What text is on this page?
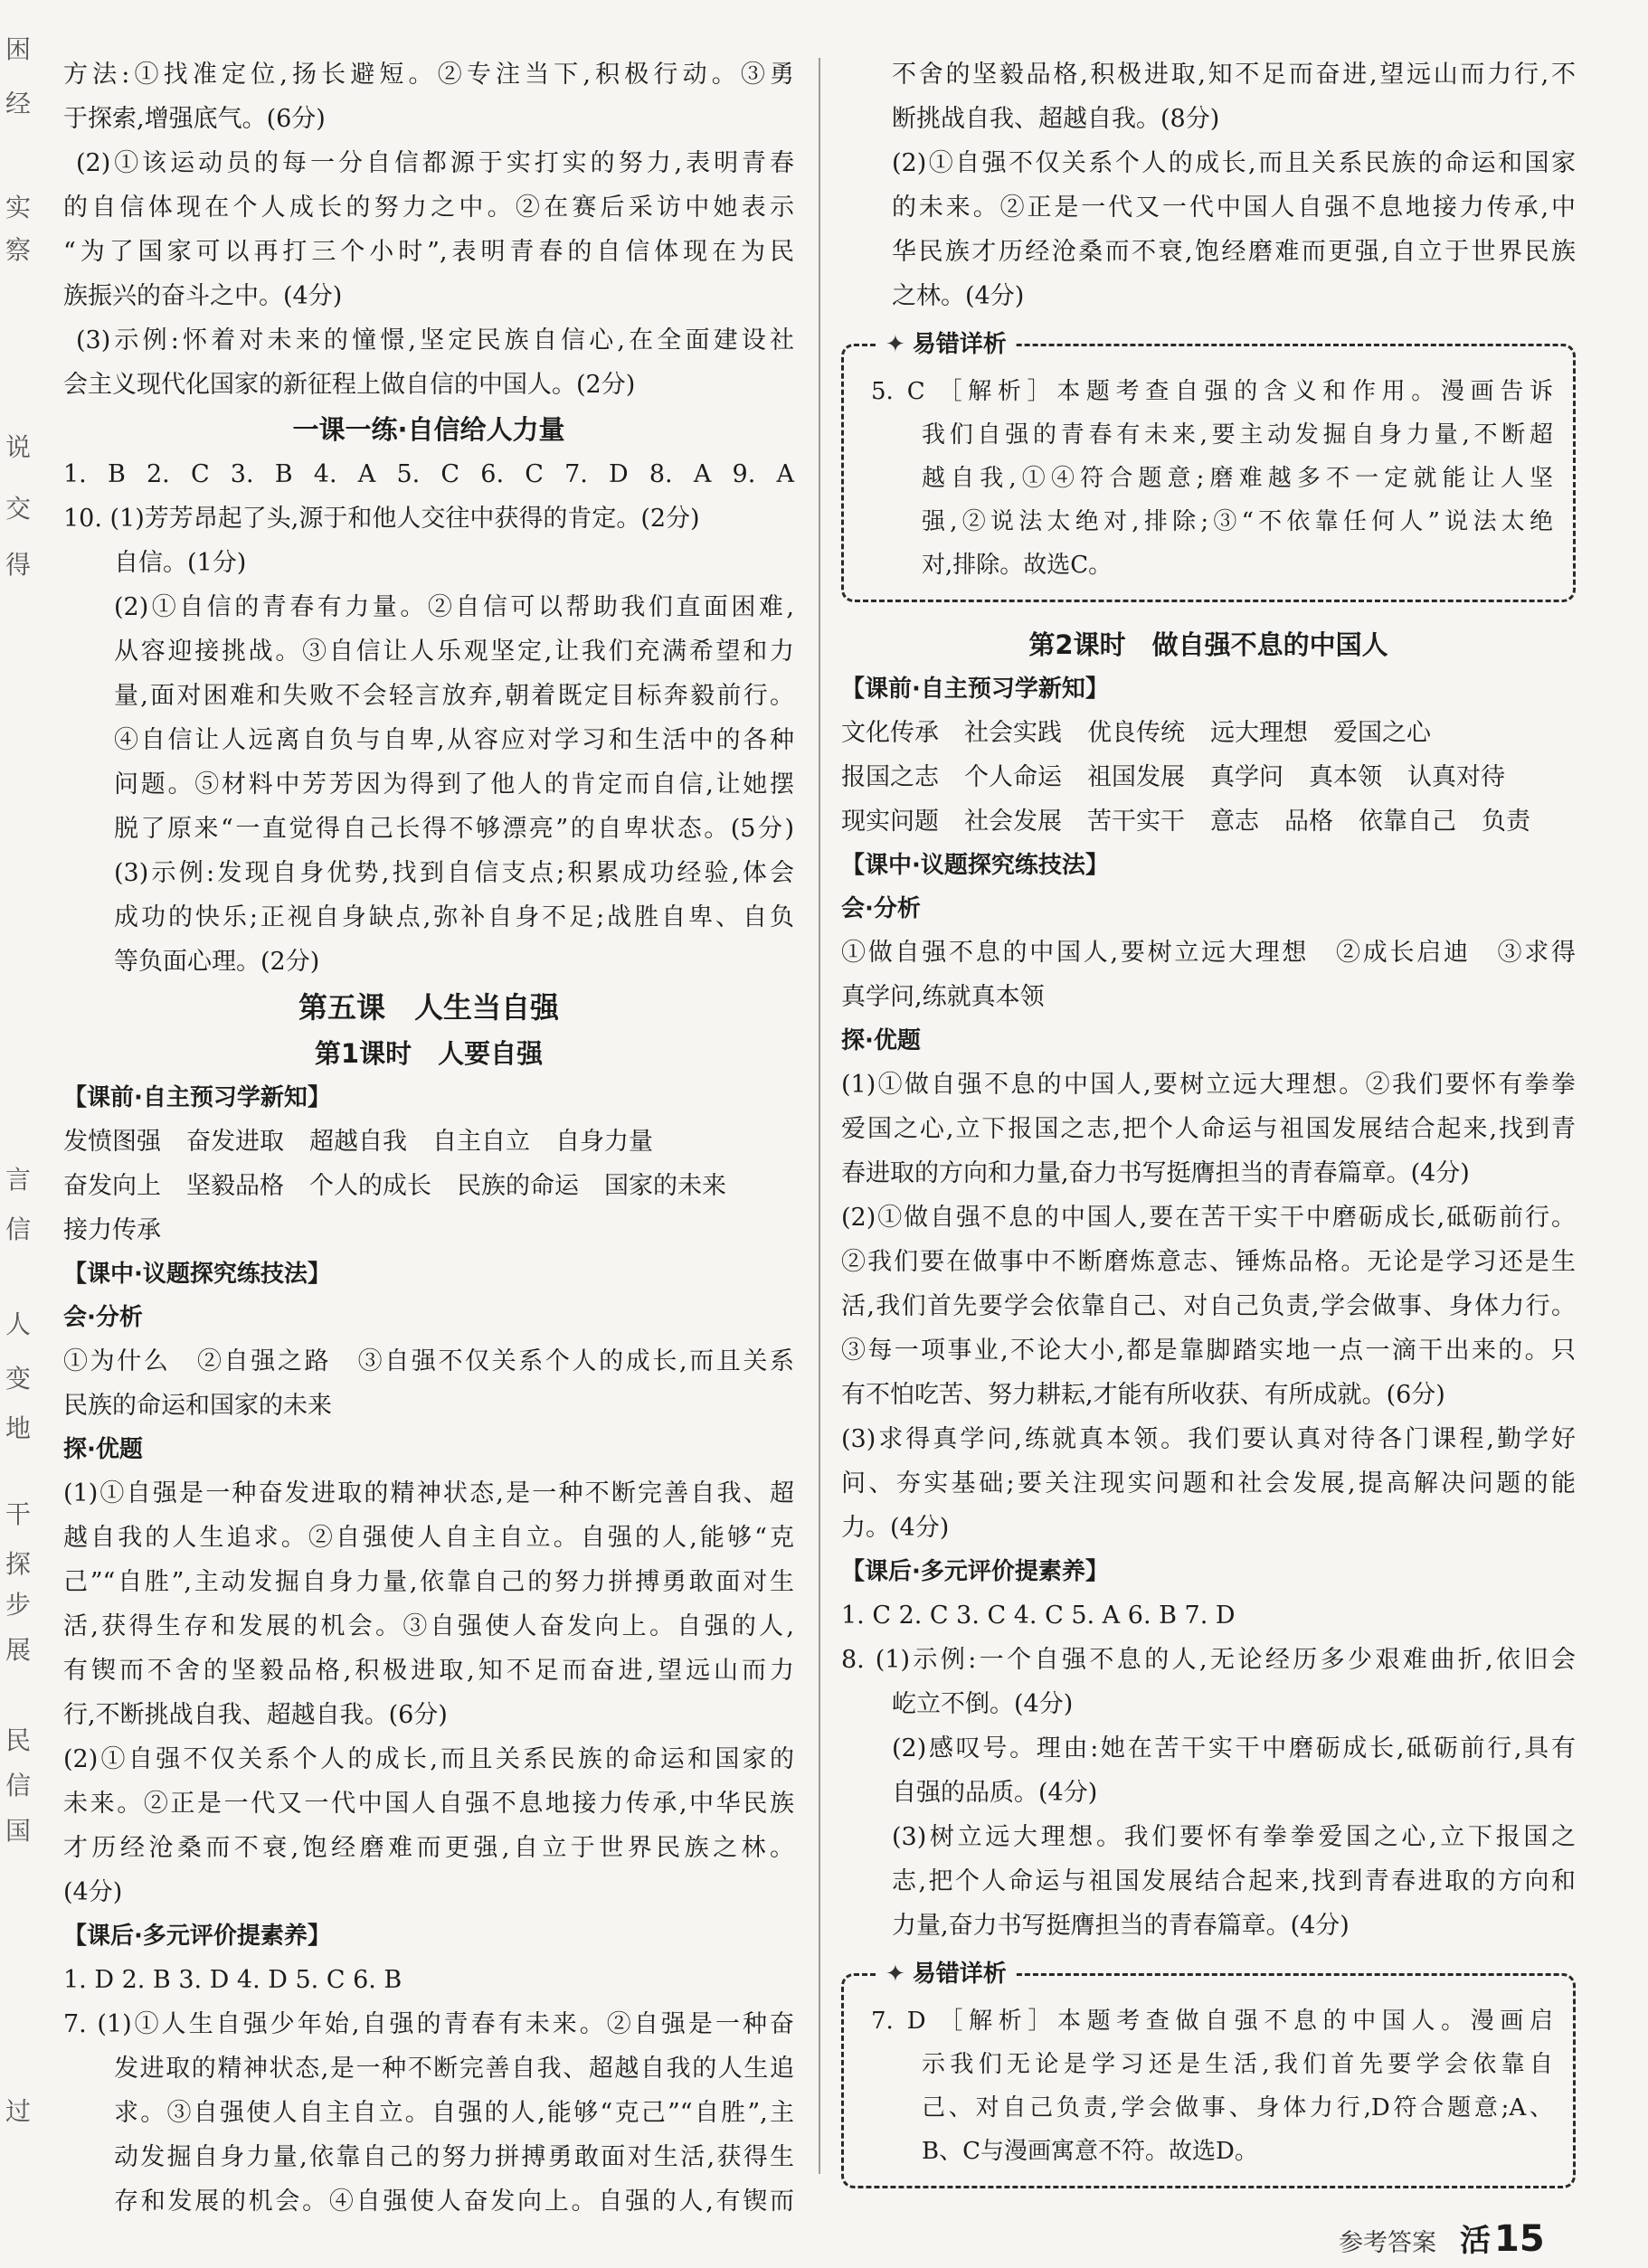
困
经
实
察
说
交
得
言
信
人
变
地
干
探
步
展
民
信
国
过

方法:①找准定位,扬长避短。②专注当下,积极行动。③勇

于探索,增强底气。(6分)

(2)①该运动员的每一分自信都源于实打实的努力,表明青春

的自信体现在个人成长的努力之中。②在赛后采访中她表示

“为了国家可以再打三个小时”,表明青春的自信体现在为民

族振兴的奋斗之中。(4分)

(3)示例:怀着对未来的憧憬,坚定民族自信心,在全面建设社

会主义现代化国家的新征程上做自信的中国人。(2分)

一课一练·自信给人力量

1. B 2. C 3. B 4. A 5. C 6. C 7. D 8. A 9. A

10. (1)芳芳昂起了头,源于和他人交往中获得的肯定。(2分)

自信。(1分)

(2)①自信的青春有力量。②自信可以帮助我们直面困难,

从容迎接挑战。③自信让人乐观坚定,让我们充满希望和力

量,面对困难和失败不会轻言放弃,朝着既定目标奔毅前行。

④自信让人远离自负与自卑,从容应对学习和生活中的各种

问题。⑤材料中芳芳因为得到了他人的肯定而自信,让她摆

脱了原来“一直觉得自己长得不够漂亮”的自卑状态。(5分)

(3)示例:发现自身优势,找到自信支点;积累成功经验,体会

成功的快乐;正视自身缺点,弥补自身不足;战胜自卑、自负

等负面心理。(2分)

第五课　人生当自强

第1课时　人要自强

【课前·自主预习学新知】

发愤图强 奋发进取 超越自我 自主自立 自身力量
奋发向上 坚毅品格 个人的成长 民族的命运 国家的未来
接力传承

【课中·议题探究练技法】

会·分析

①为什么　②自强之路　③自强不仅关系个人的成长,而且关系

民族的命运和国家的未来

探·优题

(1)①自强是一种奋发进取的精神状态,是一种不断完善自我、超

越自我的人生追求。②自强使人自主自立。自强的人,能够“克

己”“自胜”,主动发掘自身力量,依靠自己的努力拼搏勇敢面对生

活,获得生存和发展的机会。③自强使人奋发向上。自强的人,

有锲而不舍的坚毅品格,积极进取,知不足而奋进,望远山而力

行,不断挑战自我、超越自我。(6分)

(2)①自强不仅关系个人的成长,而且关系民族的命运和国家的

未来。②正是一代又一代中国人自强不息地接力传承,中华民族

才历经沧桑而不衰,饱经磨难而更强,自立于世界民族之林。

(4分)

【课后·多元评价提素养】

1. D 2. B 3. D 4. D 5. C 6. B

7. (1)①人生自强少年始,自强的青春有未来。②自强是一种奋

发进取的精神状态,是一种不断完善自我、超越自我的人生追

求。③自强使人自主自立。自强的人,能够“克己”“自胜”,主

动发掘自身力量,依靠自己的努力拼搏勇敢面对生活,获得生

存和发展的机会。④自强使人奋发向上。自强的人,有锲而

不舍的坚毅品格,积极进取,知不足而奋进,望远山而力行,不

断挑战自我、超越自我。(8分)

(2)①自强不仅关系个人的成长,而且关系民族的命运和国家

的未来。②正是一代又一代中国人自强不息地接力传承,中

华民族才历经沧桑而不衰,饱经磨难而更强,自立于世界民族

之林。(4分)

✦ 易错详析

5. C ［解析］本题考查自强的含义和作用。漫画告诉

我们自强的青春有未来,要主动发掘自身力量,不断超

越自我,①④符合题意;磨难越多不一定就能让人坚

强,②说法太绝对,排除;③“不依靠任何人”说法太绝

对,排除。故选C。

第2课时　做自强不息的中国人

【课前·自主预习学新知】

文化传承 社会实践 优良传统 远大理想 爱国之心
报国之志 个人命运 祖国发展 真学问 真本领 认真对待
现实问题 社会发展 苦干实干 意志 品格 依靠自己 负责

【课中·议题探究练技法】

会·分析

①做自强不息的中国人,要树立远大理想　②成长启迪　③求得

真学问,练就真本领

探·优题

(1)①做自强不息的中国人,要树立远大理想。②我们要怀有拳拳

爱国之心,立下报国之志,把个人命运与祖国发展结合起来,找到青

春进取的方向和力量,奋力书写挺膺担当的青春篇章。(4分)

(2)①做自强不息的中国人,要在苦干实干中磨砺成长,砥砺前行。

②我们要在做事中不断磨炼意志、锤炼品格。无论是学习还是生

活,我们首先要学会依靠自己、对自己负责,学会做事、身体力行。

③每一项事业,不论大小,都是靠脚踏实地一点一滴干出来的。只

有不怕吃苦、努力耕耘,才能有所收获、有所成就。(6分)

(3)求得真学问,练就真本领。我们要认真对待各门课程,勤学好

问、夯实基础;要关注现实问题和社会发展,提高解决问题的能

力。(4分)

【课后·多元评价提素养】

1. C 2. C 3. C 4. C 5. A 6. B 7. D

8. (1)示例:一个自强不息的人,无论经历多少艰难曲折,依旧会

屹立不倒。(4分)

(2)感叹号。理由:她在苦干实干中磨砺成长,砥砺前行,具有

自强的品质。(4分)

(3)树立远大理想。我们要怀有拳拳爱国之心,立下报国之

志,把个人命运与祖国发展结合起来,找到青春进取的方向和

力量,奋力书写挺膺担当的青春篇章。(4分)

✦ 易错详析

7. D ［解析］本题考查做自强不息的中国人。漫画启

示我们无论是学习还是生活,我们首先要学会依靠自

己、对自己负责,学会做事、身体力行,D符合题意;A、

B、C与漫画寓意不符。故选D。

参考答案 活 15
